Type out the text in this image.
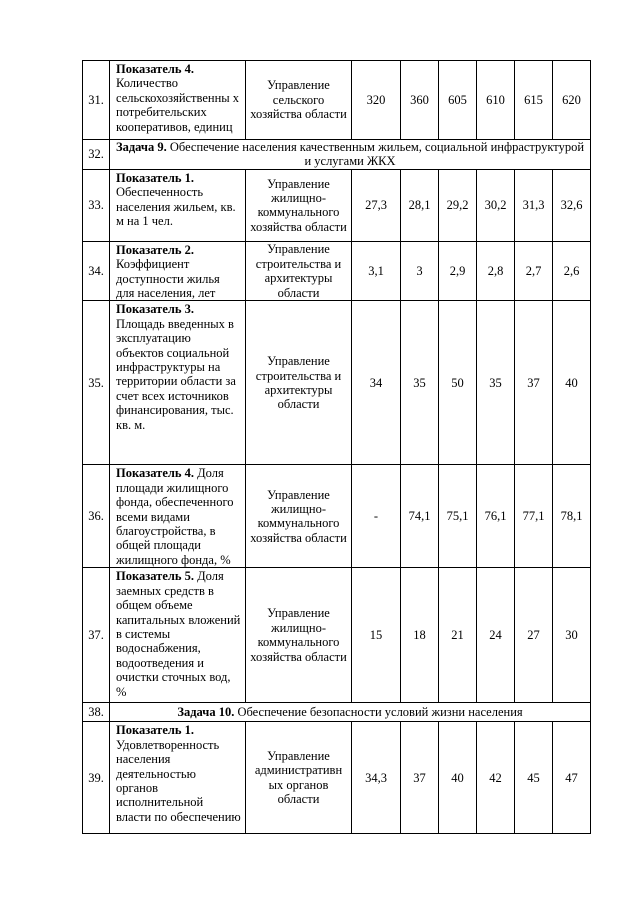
31.	Показатель 4. Количество сельскохозяйственны х потребительских кооперативов, единиц	Управление сельского хозяйства области	320	360	605	610	615	620
32.	Задача 9. Обеспечение населения качественным жильем, социальной инфраструктурой и услугами ЖКХ							
33.	Показатель 1. Обеспеченность населения жильем, кв. м на 1 чел.	Управление жилищно-коммунального хозяйства области	27,3	28,1	29,2	30,2	31,3	32,6
34.	Показатель 2. Коэффициент доступности жилья для населения, лет	Управление строительства и архитектуры области	3,1	3	2,9	2,8	2,7	2,6
35.	Показатель 3. Площадь введенных в эксплуатацию объектов социальной инфраструктуры на территории области за счет всех источников финансирования, тыс. кв. м.	Управление строительства и архитектуры области	34	35	50	35	37	40
36.	Показатель 4. Доля площади жилищного фонда, обеспеченного всеми видами благоустройства, в общей площади жилищного фонда, %	Управление жилищно-коммунального хозяйства области	-	74,1	75,1	76,1	77,1	78,1
37.	Показатель 5. Доля заемных средств в общем объеме капитальных вложений в системы водоснабжения, водоотведения и очистки сточных вод, %	Управление жилищно-коммунального хозяйства области	15	18	21	24	27	30
38.	Задача 10. Обеспечение безопасности условий жизни населения							
39.	Показатель 1. Удовлетворенность населения деятельностью органов исполнительной власти по обеспечению	Управление административн ых органов области	34,3	37	40	42	45	47
